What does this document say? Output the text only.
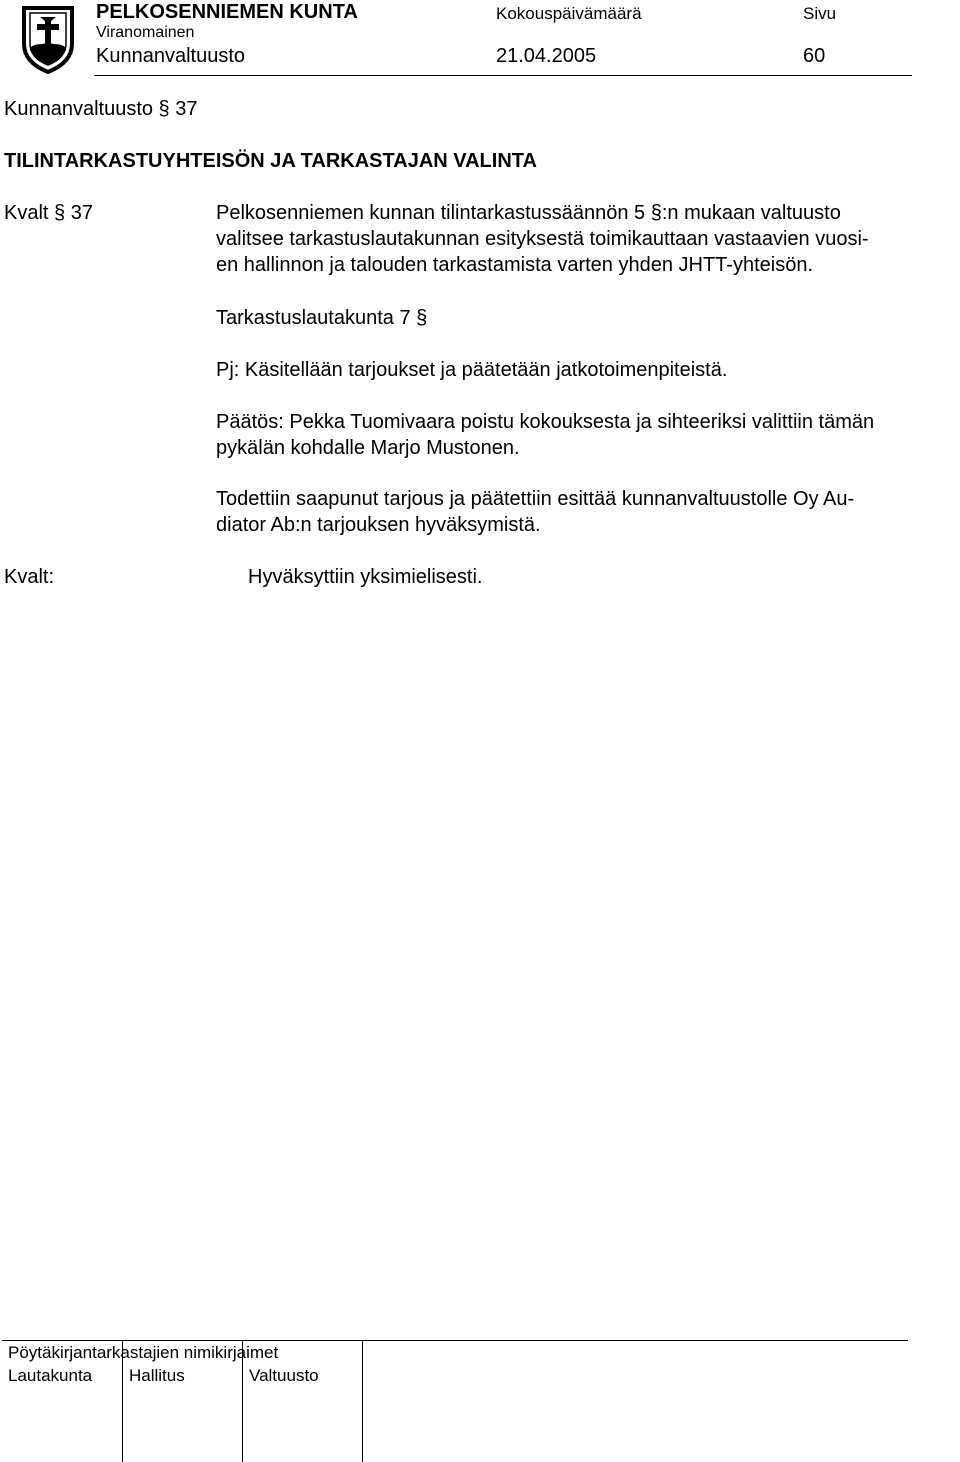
PELKOSENNIEMEN KUNTA
Viranomainen
Kunnanvaltuusto
Kokouspäivämäärä
21.04.2005
Sivu
60
Kunnanvaltuusto § 37
TILINTARKASTUYHTEISÖN JA TARKASTAJAN VALINTA
Kvalt § 37	Pelkosenniemen kunnan tilintarkastussäännön 5 §:n mukaan valtuusto
valitsee tarkastuslautakunnan esityksestä toimikauttaan vastaavien vuosi-
en hallinnon ja talouden tarkastamista varten yhden JHTT-yhteisön.
Tarkastuslautakunta 7 §
Pj: Käsitellään tarjoukset ja päätetään jatkotoimenpiteistä.
Päätös: Pekka Tuomivaara poistu kokouksesta ja sihteeriksi valittiin tämän
pykälän kohdalle Marjo Mustonen.
Todettiin saapunut tarjous ja päätettiin esittää kunnanvaltuustolle Oy Au-
diator Ab:n tarjouksen hyväksymistä.
Kvalt:	Hyväksyttiin yksimielisesti.
Pöytäkirjantarkastajien nimikirjaimet
Lautakunta Hallitus	Valtuusto
